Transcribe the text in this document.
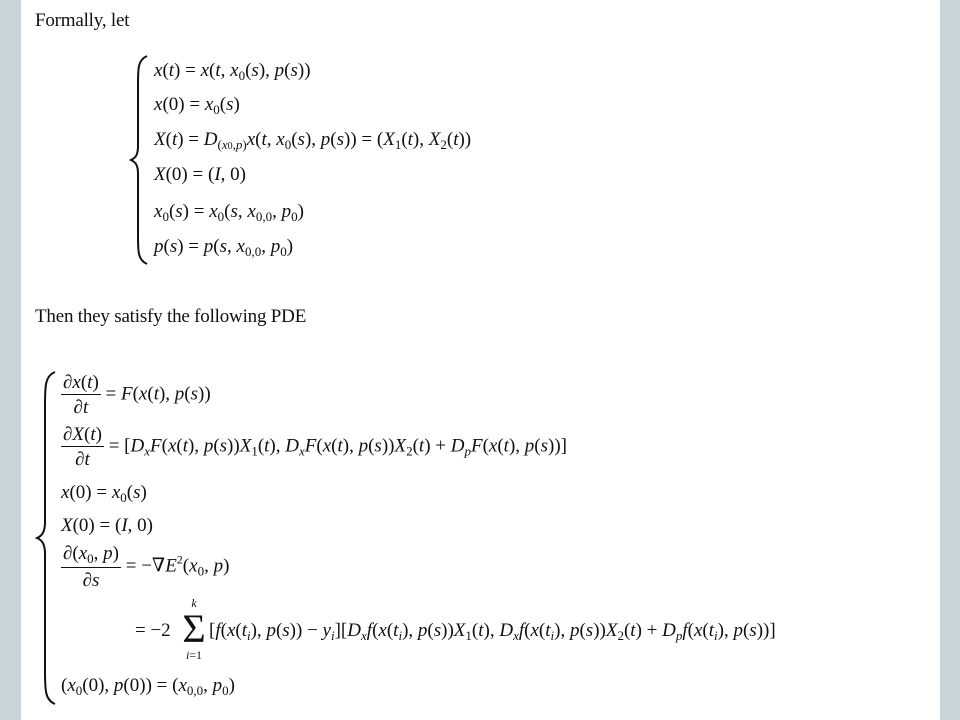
Formally, let
x(t) = x(t, $x_0(s)$, p(s))
$x(0) = x_0(s)$
$X(t) = D_{(x0,p)}x(t$, $x_0(s)$, $p(s)) = (X_1(t)$, $X_2(t)$)
X(0) = (I, 0)
$x_0(s) = x_0(s$, $x_{0,0}$, $p_0$)
p(s) = p(s, $x_{0,0}$, $p_0$)
Then they satisfy the following PDE
$\frac{\partial x(t)}{\partial t} = F(x(t)$, p(s))
$\frac{\partial X(t)}{\partial t} = [D_xF(x(t)$, $p(s))X_1(t)$, $D_xF(x(t)$, $p(s))X_2(t) + D_pF(x(t)$, p(s))]
$x(0) = x_0(s)$
X(0) = (I, 0)
$\frac{\partial(x_0, p)}{\partial s} = -\nabla E^2(x_0$, p)
= −2
k
Σ
i=1
[$f(x(t_i)$, $p(s)) - y_i][D_xf(x(t_i)$, $p(s))X_1(t)$, $D_xf(x(t_i)$, $p(s))X_2(t) + D_pf(x(t_i)$, p(s))]
($x_0(0)$, $p(0)) = (x_{0,0}$, $p_0$)
